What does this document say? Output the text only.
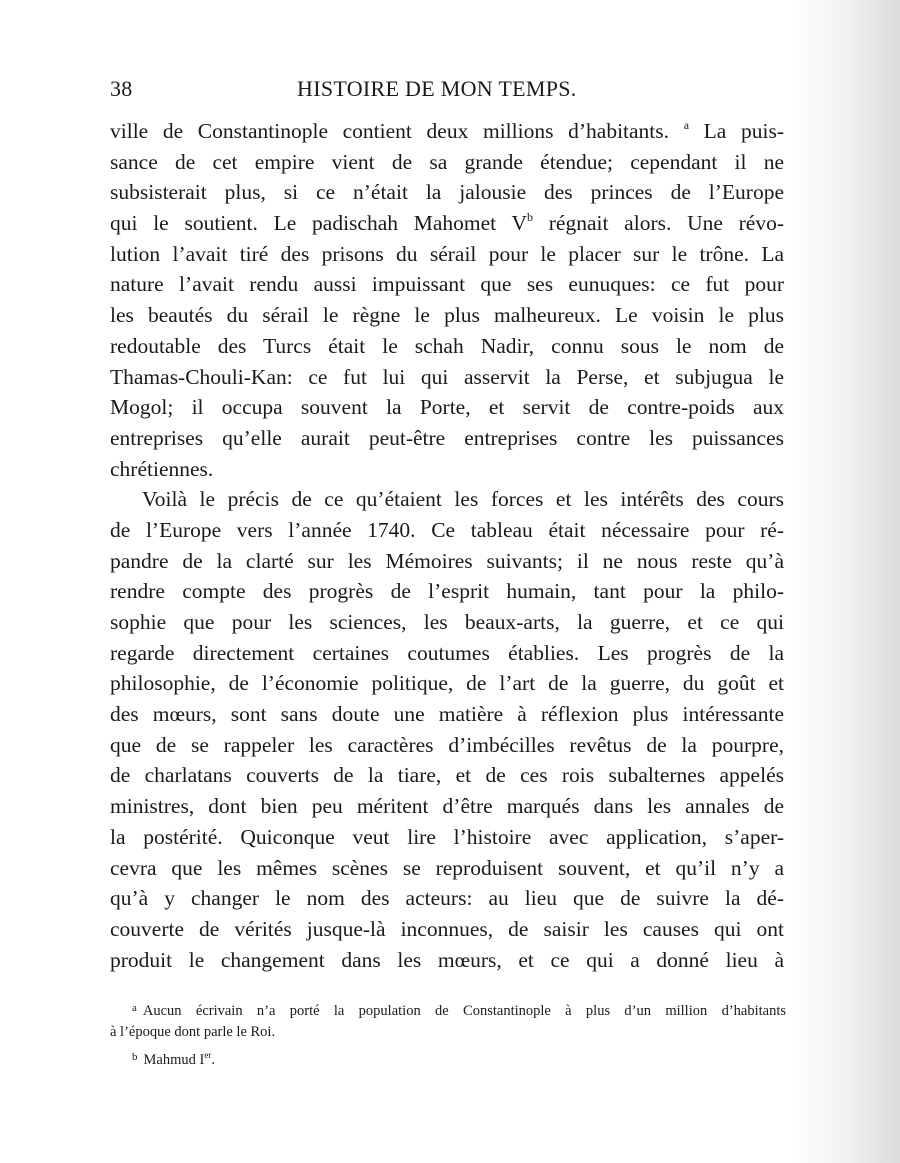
38	HISTOIRE DE MON TEMPS.
ville de Constantinople contient deux millions d’habitants. $^a$ La puis-
sance de cet empire vient de sa grande étendue; cependant il ne
subsisterait plus, si ce n’était la jalousie des princes de l’Europe
qui le soutient. Le padischah Mahomet V$^b$ régnait alors. Une révo-
lution l’avait tiré des prisons du sérail pour le placer sur le trône. La
nature l’avait rendu aussi impuissant que ses eunuques: ce fut pour
les beautés du sérail le règne le plus malheureux. Le voisin le plus
redoutable des Turcs était le schah Nadir, connu sous le nom de
Thamas-Chouli-Kan: ce fut lui qui asservit la Perse, et subjugua le
Mogol; il occupa souvent la Porte, et servit de contre-poids aux
entreprises qu’elle aurait peut-être entreprises contre les puissances
chrétiennes.
Voilà le précis de ce qu’étaient les forces et les intérêts des cours
de l’Europe vers l’année 1740. Ce tableau était nécessaire pour ré-
pandre de la clarté sur les Mémoires suivants; il ne nous reste qu’à
rendre compte des progrès de l’esprit humain, tant pour la philo-
sophie que pour les sciences, les beaux-arts, la guerre, et ce qui
regarde directement certaines coutumes établies. Les progrès de la
philosophie, de l’économie politique, de l’art de la guerre, du goût et
des mœurs, sont sans doute une matière à réflexion plus intéressante
que de se rappeler les caractères d’imbécilles revêtus de la pourpre,
de charlatans couverts de la tiare, et de ces rois subalternes appelés
ministres, dont bien peu méritent d’être marqués dans les annales de
la postérité. Quiconque veut lire l’histoire avec application, s’aper-
cevra que les mêmes scènes se reproduisent souvent, et qu’il n’y a
qu’à y changer le nom des acteurs: au lieu que de suivre la dé-
couverte de vérités jusque-là inconnues, de saisir les causes qui ont
produit le changement dans les mœurs, et ce qui a donné lieu à
$^a$ Aucun écrivain n’a porté la population de Constantinople à plus d’un million d’habitants
à l’époque dont parle le Roi.
$^b$ Mahmud Ier.
